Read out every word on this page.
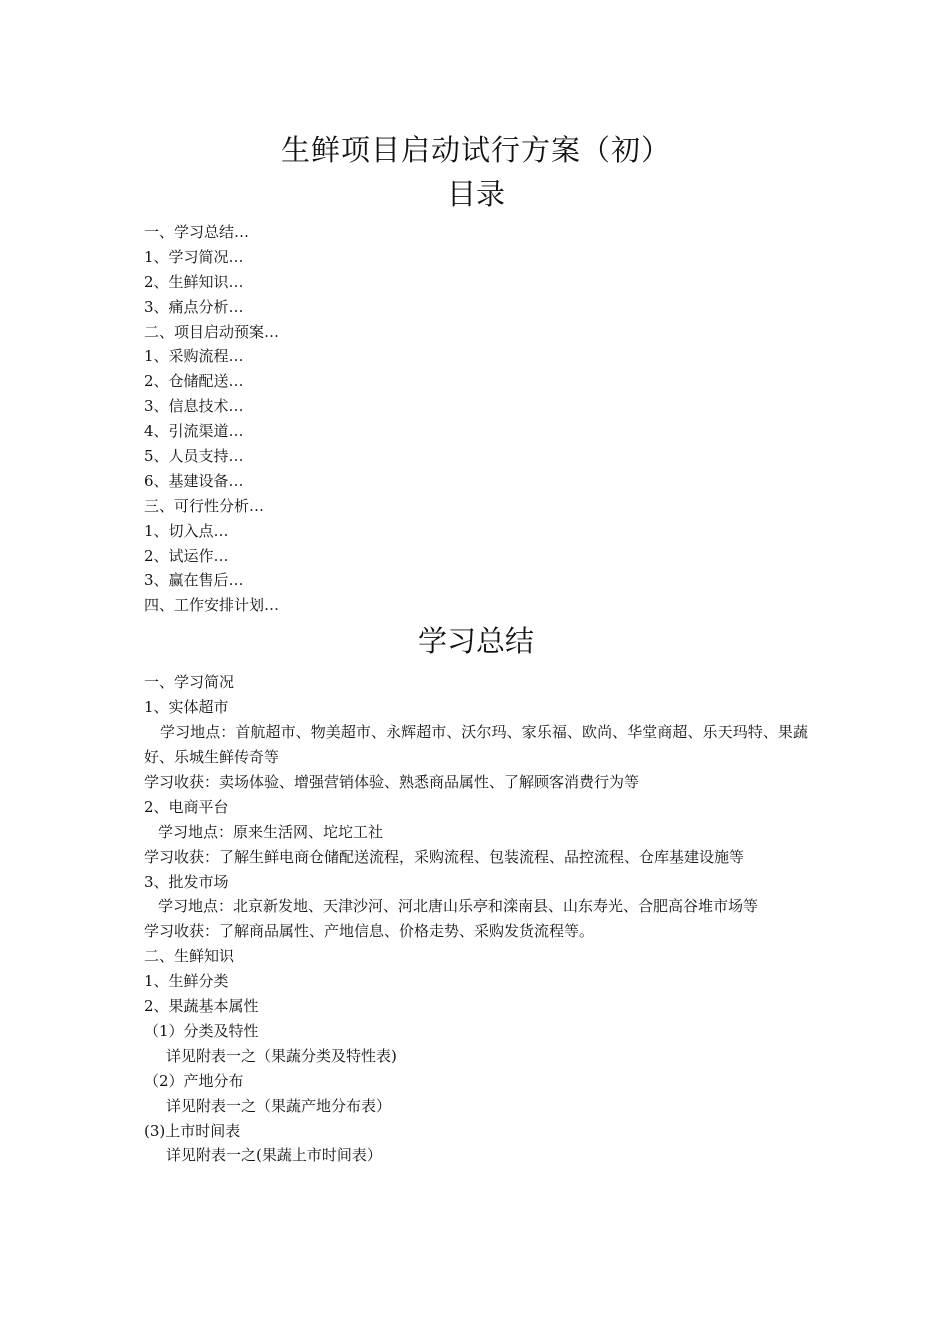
生鲜项目启动试行方案（初）
目录
一、学习总结…
1、学习简况…
2、生鲜知识…
3、痛点分析…
二、项目启动预案…
1、采购流程…
2、仓储配送…
3、信息技术…
4、引流渠道…
5、人员支持…
6、基建设备…
三、可行性分析…
1、切入点…
2、试运作…
3、赢在售后…
四、工作安排计划…
学习总结

一、学习简况

1、实体超市

学习地点：首航超市、物美超市、永辉超市、沃尔玛、家乐福、欧尚、华堂商超、乐天玛特、果蔬好、乐城生鲜传奇等

学习收获：卖场体验、增强营销体验、熟悉商品属性、了解顾客消费行为等

2、电商平台

学习地点：原来生活网、坨坨工社

学习收获：了解生鲜电商仓储配送流程，采购流程、包装流程、品控流程、仓库基建设施等

3、批发市场

学习地点：北京新发地、天津沙河、河北唐山乐亭和滦南县、山东寿光、合肥高谷堆市场等

学习收获：了解商品属性、产地信息、价格走势、采购发货流程等。

二、生鲜知识

1、生鲜分类

2、果蔬基本属性

（1）分类及特性

详见附表一之（果蔬分类及特性表)

（2）产地分布

详见附表一之（果蔬产地分布表）

(3)上市时间表

详见附表一之(果蔬上市时间表）
